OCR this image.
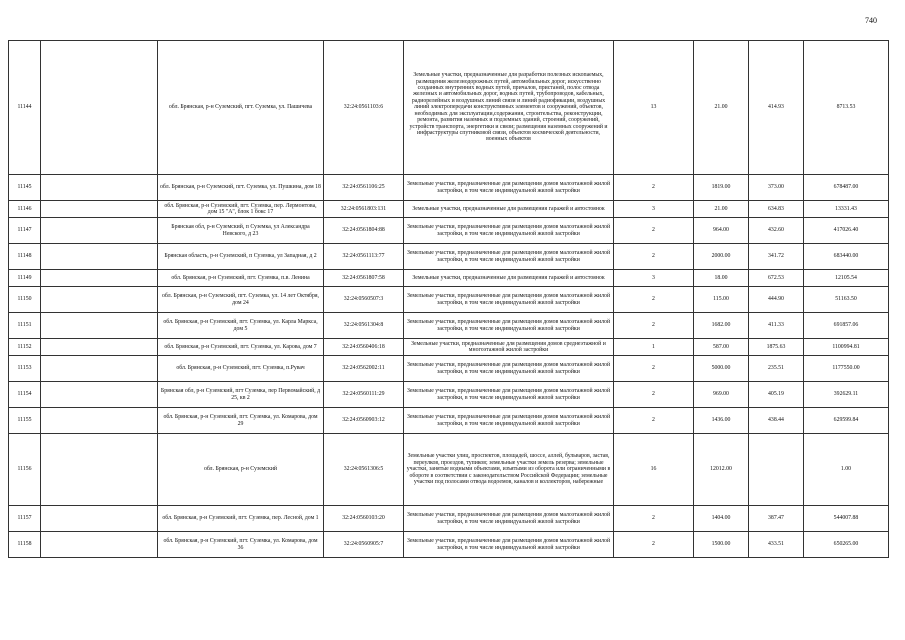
740
11144		обл. Брянская, р-н Суземский, пгт. Суземка, ул. Пашичева	32:24:0561103:6	Земельные участки, предназначенные для разработки полезных ископаемых, размещения железнодорожных путей, автомобильных дорог, искусственно созданных внутренних водных путей, причалов, пристаней, полос отвода железных и автомобильных дорог, водных путей, трубопроводов, кабельных, радиорелейных и воздушных линий связи и линий радиофикации, воздушных линий электропередачи конструктивных элементов и сооружений, объектов, необходимых для эксплуатации,содержания, строительства, реконструкции, ремонта, развития наземных и подземных зданий, строений, сооружений, устройств транспорта, энергетики и связи; размещения наземных сооружений и инфраструктуры спутниковой связи, объектов космической деятельности, военных объектов	13	21.00	414.93	8713.53
11145		обл. Брянская, р-н Суземский, пгт. Суземка, ул. Пушкина, дом 18	32:24:0561106:25	Земельные участки, предназначенные для размещения домов малоэтажной жилой застройки, в том числе индивидуальной жилой застройки	2	1819.00	373.00	678487.00
11146		обл. Брянская, р-н Суземский, пгт. Суземка, пер. Лермонтова, дом 15 "А", блок 1 бокс 17	32:24:0561803:131	Земельные участки, предназначенные для размещения гаражей и автостоянок	3	21.00	634.83	13331.43
11147		Брянская обл, р-н Суземский, п Суземка, ул Александра Невского, д 23	32:24:0561804:88	Земельные участки, предназначенные для размещения домов малоэтажной жилой застройки, в том числе индивидуальной жилой застройки	2	964.00	432.60	417026.40
11148		Брянская область, р-н Суземский, п Суземка, ул Западная, д 2	32:24:0561113:77	Земельные участки, предназначенные для размещения домов малоэтажной жилой застройки, в том числе индивидуальной жилой застройки	2	2000.00	341.72	683440.00
11149		обл. Брянская, р-н Суземский, пгт. Суземка, п.в. Ленина	32:24:0561807:58	Земельные участки, предназначенные для размещения гаражей и автостоянок	3	18.00	672.53	12105.54
11150		обл. Брянская, р-н Суземский, пгт. Суземка, ул. 14 лет Октября, дом 24	32:24:0560507:3	Земельные участки, предназначенные для размещения домов малоэтажной жилой застройки, в том числе индивидуальной жилой застройки	2	115.00	444.90	51163.50
11151		обл. Брянская, р-н Суземский, пгт. Суземка, ул. Карла Маркса, дом 5	32:24:0561304:8	Земельные участки, предназначенные для размещения домов малоэтажной жилой застройки, в том числе индивидуальной жилой застройки	2	1682.00	411.33	691857.06
11152		обл. Брянская, р-н Суземский, пгт. Суземка, ул. Карова, дом 7	32:24:0560406:18	Земельные участки, предназначенные для размещения домов среднеэтажной и многоэтажной жилой застройки	1	587.00	1875.63	1100994.81
11153		обл. Брянская, р-н Суземский, пгт. Суземка, п.Рувач	32:24:0562002:11	Земельные участки, предназначенные для размещения домов малоэтажной жилой застройки, в том числе индивидуальной жилой застройки	2	5000.00	235.51	1177550.00
11154		Брянская обл, р-н Суземский, пгт Суземка, пер Первомайский, д 25, кв 2	32:24:0560111:29	Земельные участки, предназначенные для размещения домов малоэтажной жилой застройки, в том числе индивидуальной жилой застройки	2	969.00	405.19	392629.11
11155		обл. Брянская, р-н Суземский, пгт. Суземка, ул. Комарова, дом 29	32:24:0560903:12	Земельные участки, предназначенные для размещения домов малоэтажной жилой застройки, в том числе индивидуальной жилой застройки	2	1436.00	438.44	629599.84
11156		обл. Брянская, р-н Суземский	32:24:0561306:5	Земельные участки улиц, проспектов, площадей, шоссе, аллей, бульваров, застав, переулков, проездов, тупиков; земельные участки земель резерва; земельные участки, занятые водными объектами, изъятыми из оборота или ограниченными в обороте в соответствии с законодательством Российской Федерации; земельные участки под полосами отвода водоемов, каналов и коллекторов, набережные	16	12012.00		1.00
11157		обл. Брянская, р-н Суземский, пгт. Суземка, пер. Лесной, дом 1	32:24:0560103:20	Земельные участки, предназначенные для размещения домов малоэтажной жилой застройки, в том числе индивидуальной жилой застройки	2	1404.00	387.47	544007.88
11158		обл. Брянская, р-н Суземский, пгт. Суземка, ул. Комарова, дом 36	32:24:0560905:7	Земельные участки, предназначенные для размещения домов малоэтажной жилой застройки, в том числе индивидуальной жилой застройки	2	1500.00	433.51	650265.00
